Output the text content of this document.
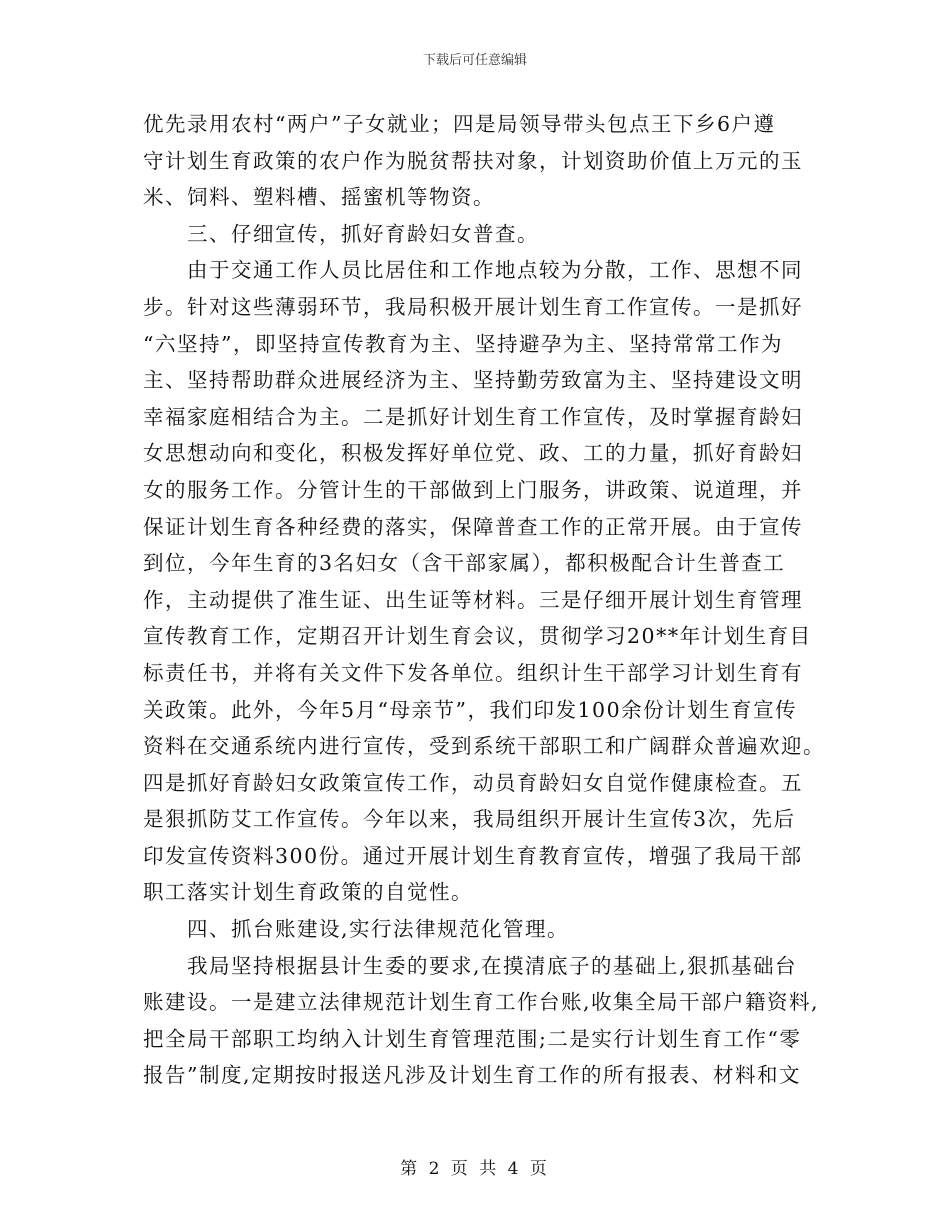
下载后可任意编辑
优先录用农村“两户”子女就业；四是局领导带头包点王下乡6户遵
守计划生育政策的农户作为脱贫帮扶对象，计划资助价值上万元的玉
米、饲料、塑料槽、摇蜜机等物资。
　　三、仔细宣传，抓好育龄妇女普查。
　　由于交通工作人员比居住和工作地点较为分散，工作、思想不同
步。针对这些薄弱环节，我局积极开展计划生育工作宣传。一是抓好
“六坚持”，即坚持宣传教育为主、坚持避孕为主、坚持常常工作为
主、坚持帮助群众进展经济为主、坚持勤劳致富为主、坚持建设文明
幸福家庭相结合为主。二是抓好计划生育工作宣传，及时掌握育龄妇
女思想动向和变化，积极发挥好单位党、政、工的力量，抓好育龄妇
女的服务工作。分管计生的干部做到上门服务，讲政策、说道理，并
保证计划生育各种经费的落实，保障普查工作的正常开展。由于宣传
到位，今年生育的3名妇女（含干部家属），都积极配合计生普查工
作，主动提供了准生证、出生证等材料。三是仔细开展计划生育管理
宣传教育工作，定期召开计划生育会议，贯彻学习20**年计划生育目
标责任书，并将有关文件下发各单位。组织计生干部学习计划生育有
关政策。此外，今年5月“母亲节”，我们印发100余份计划生育宣传
资料在交通系统内进行宣传，受到系统干部职工和广阔群众普遍欢迎。
四是抓好育龄妇女政策宣传工作，动员育龄妇女自觉作健康检查。五
是狠抓防艾工作宣传。今年以来，我局组织开展计生宣传3次，先后
印发宣传资料300份。通过开展计划生育教育宣传，增强了我局干部
职工落实计划生育政策的自觉性。
　　四、抓台账建设,实行法律规范化管理。
　　我局坚持根据县计生委的要求,在摸清底子的基础上,狠抓基础台
账建设。一是建立法律规范计划生育工作台账,收集全局干部户籍资料,
把全局干部职工均纳入计划生育管理范围;二是实行计划生育工作“零
报告”制度,定期按时报送凡涉及计划生育工作的所有报表、材料和文
第 2 页 共 4 页
